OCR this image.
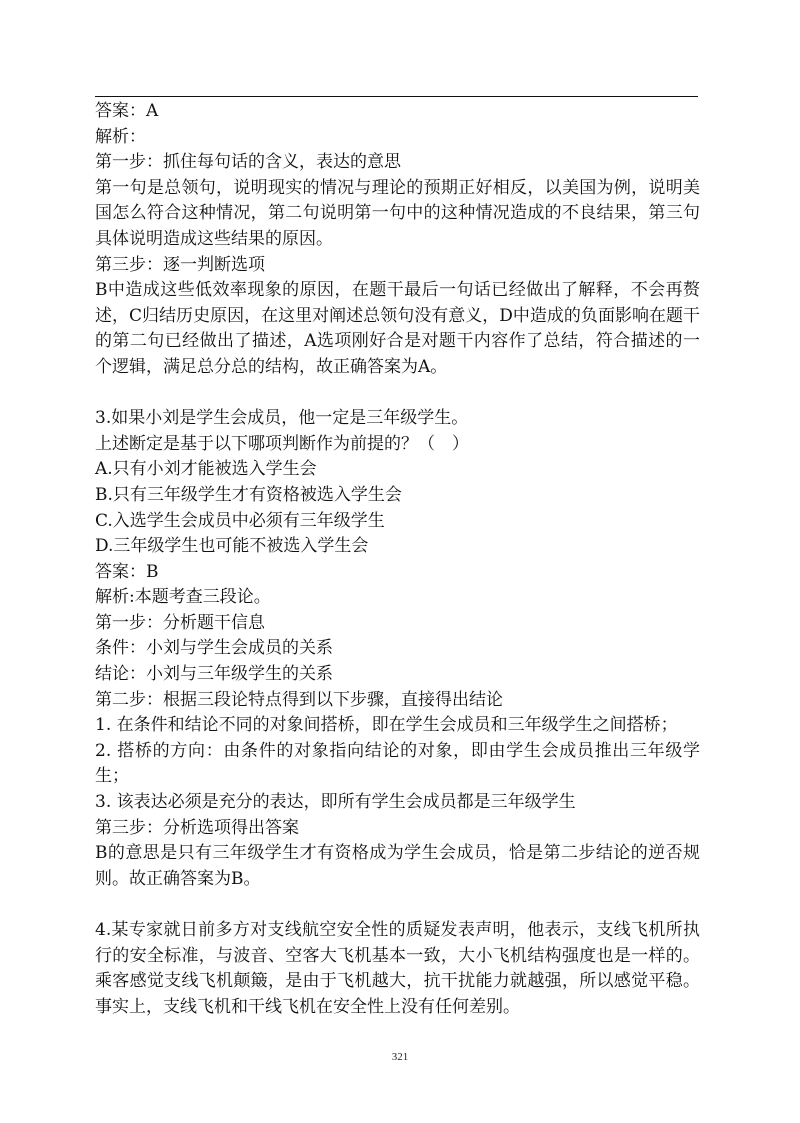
答案：A

解析：

第一步：抓住每句话的含义，表达的意思

第一句是总领句，说明现实的情况与理论的预期正好相反，以美国为例，说明美国怎么符合这种情况，第二句说明第一句中的这种情况造成的不良结果，第三句具体说明造成这些结果的原因。

第三步：逐一判断选项

B中造成这些低效率现象的原因，在题干最后一句话已经做出了解释，不会再赘述，C归结历史原因，在这里对阐述总领句没有意义，D中造成的负面影响在题干的第二句已经做出了描述，A选项刚好合是对题干内容作了总结，符合描述的一个逻辑，满足总分总的结构，故正确答案为A。

3.如果小刘是学生会成员，他一定是三年级学生。

上述断定是基于以下哪项判断作为前提的？（　）

A.只有小刘才能被选入学生会

B.只有三年级学生才有资格被选入学生会

C.入选学生会成员中必须有三年级学生

D.三年级学生也可能不被选入学生会

答案：B

解析:本题考查三段论。

第一步：分析题干信息

条件：小刘与学生会成员的关系

结论：小刘与三年级学生的关系

第二步：根据三段论特点得到以下步骤，直接得出结论

1. 在条件和结论不同的对象间搭桥，即在学生会成员和三年级学生之间搭桥；

2. 搭桥的方向：由条件的对象指向结论的对象，即由学生会成员推出三年级学生；

3. 该表达必须是充分的表达，即所有学生会成员都是三年级学生

第三步：分析选项得出答案

B的意思是只有三年级学生才有资格成为学生会成员，恰是第二步结论的逆否规则。故正确答案为B。

4.某专家就日前多方对支线航空安全性的质疑发表声明，他表示，支线飞机所执行的安全标准，与波音、空客大飞机基本一致，大小飞机结构强度也是一样的。乘客感觉支线飞机颠簸，是由于飞机越大，抗干扰能力就越强，所以感觉平稳。事实上，支线飞机和干线飞机在安全性上没有任何差别。

321
